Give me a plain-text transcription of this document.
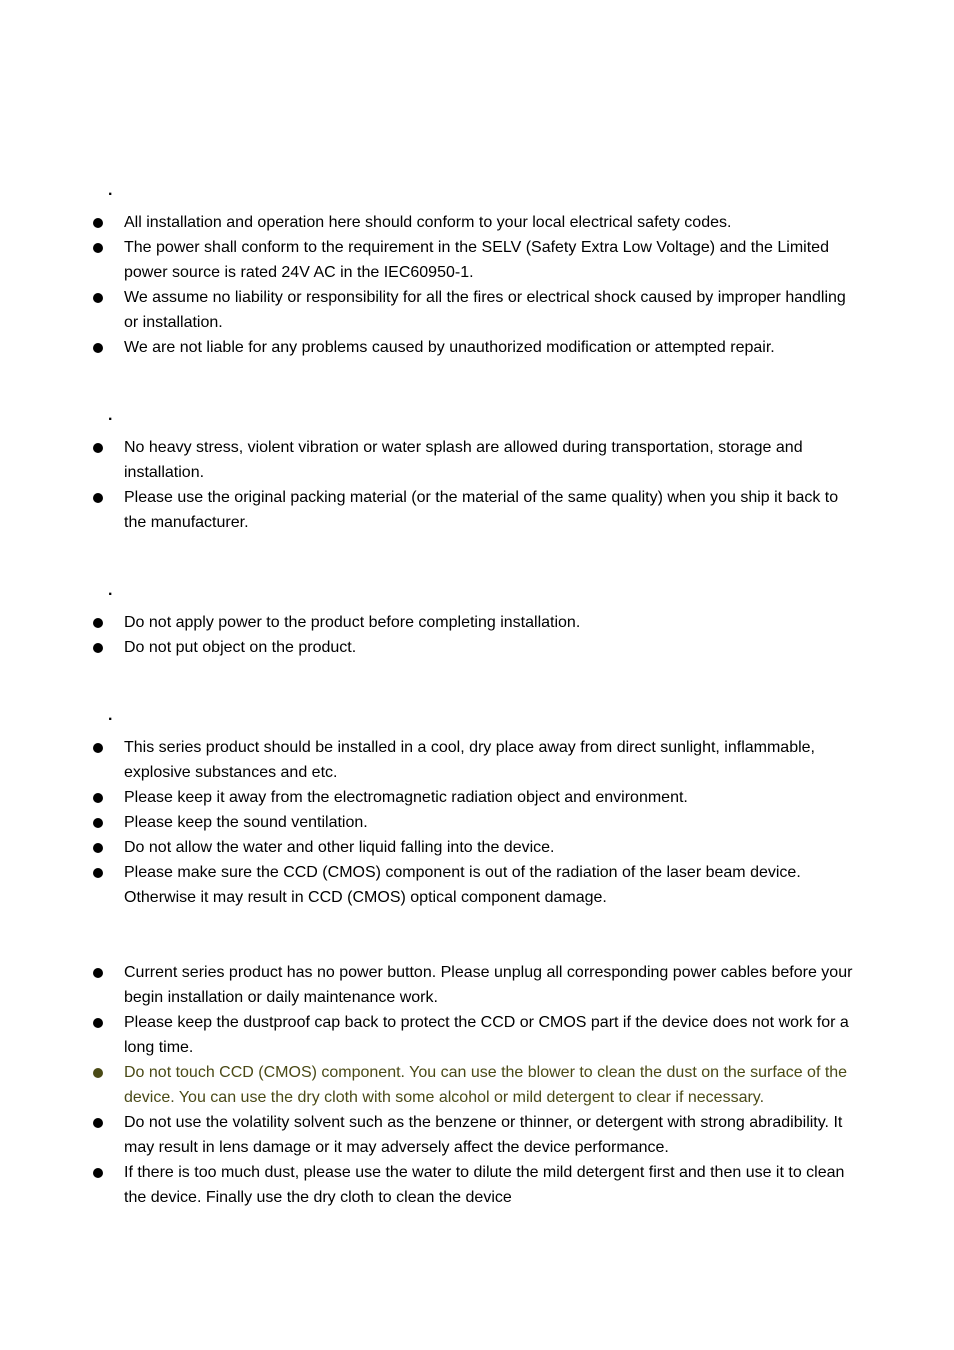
.
All installation and operation here should conform to your local electrical safety codes.
The power shall conform to the requirement in the SELV (Safety Extra Low Voltage) and the Limited power source is rated 24V AC in the IEC60950-1.
We assume no liability or responsibility for all the fires or electrical shock caused by improper handling or installation.
We are not liable for any problems caused by unauthorized modification or attempted repair.
.
No heavy stress, violent vibration or water splash are allowed during transportation, storage and installation.
Please use the original packing material (or the material of the same quality) when you ship it back to the manufacturer.
.
Do not apply power to the product before completing installation.
Do not put object on the product.
.
This series product should be installed in a cool, dry place away from direct sunlight, inflammable, explosive substances and etc.
Please keep it away from the electromagnetic radiation object and environment.
Please keep the sound ventilation.
Do not allow the water and other liquid falling into the device.
Please make sure the CCD (CMOS) component is out of the radiation of the laser beam device. Otherwise it may result in CCD (CMOS) optical component damage.
Current series product has no power button. Please unplug all corresponding power cables before your begin installation or daily maintenance work.
Please keep the dustproof cap back to protect the CCD or CMOS part if the device does not work for a long time.
Do not touch CCD (CMOS) component. You can use the blower to clean the dust on the surface of the device. You can use the dry cloth with some alcohol or mild detergent to clear if necessary.
Do not use the volatility solvent such as the benzene or thinner, or detergent with strong abradibility. It may result in lens damage or it may adversely affect the device performance.
If there is too much dust, please use the water to dilute the mild detergent first and then use it to clean the device. Finally use the dry cloth to clean the device
